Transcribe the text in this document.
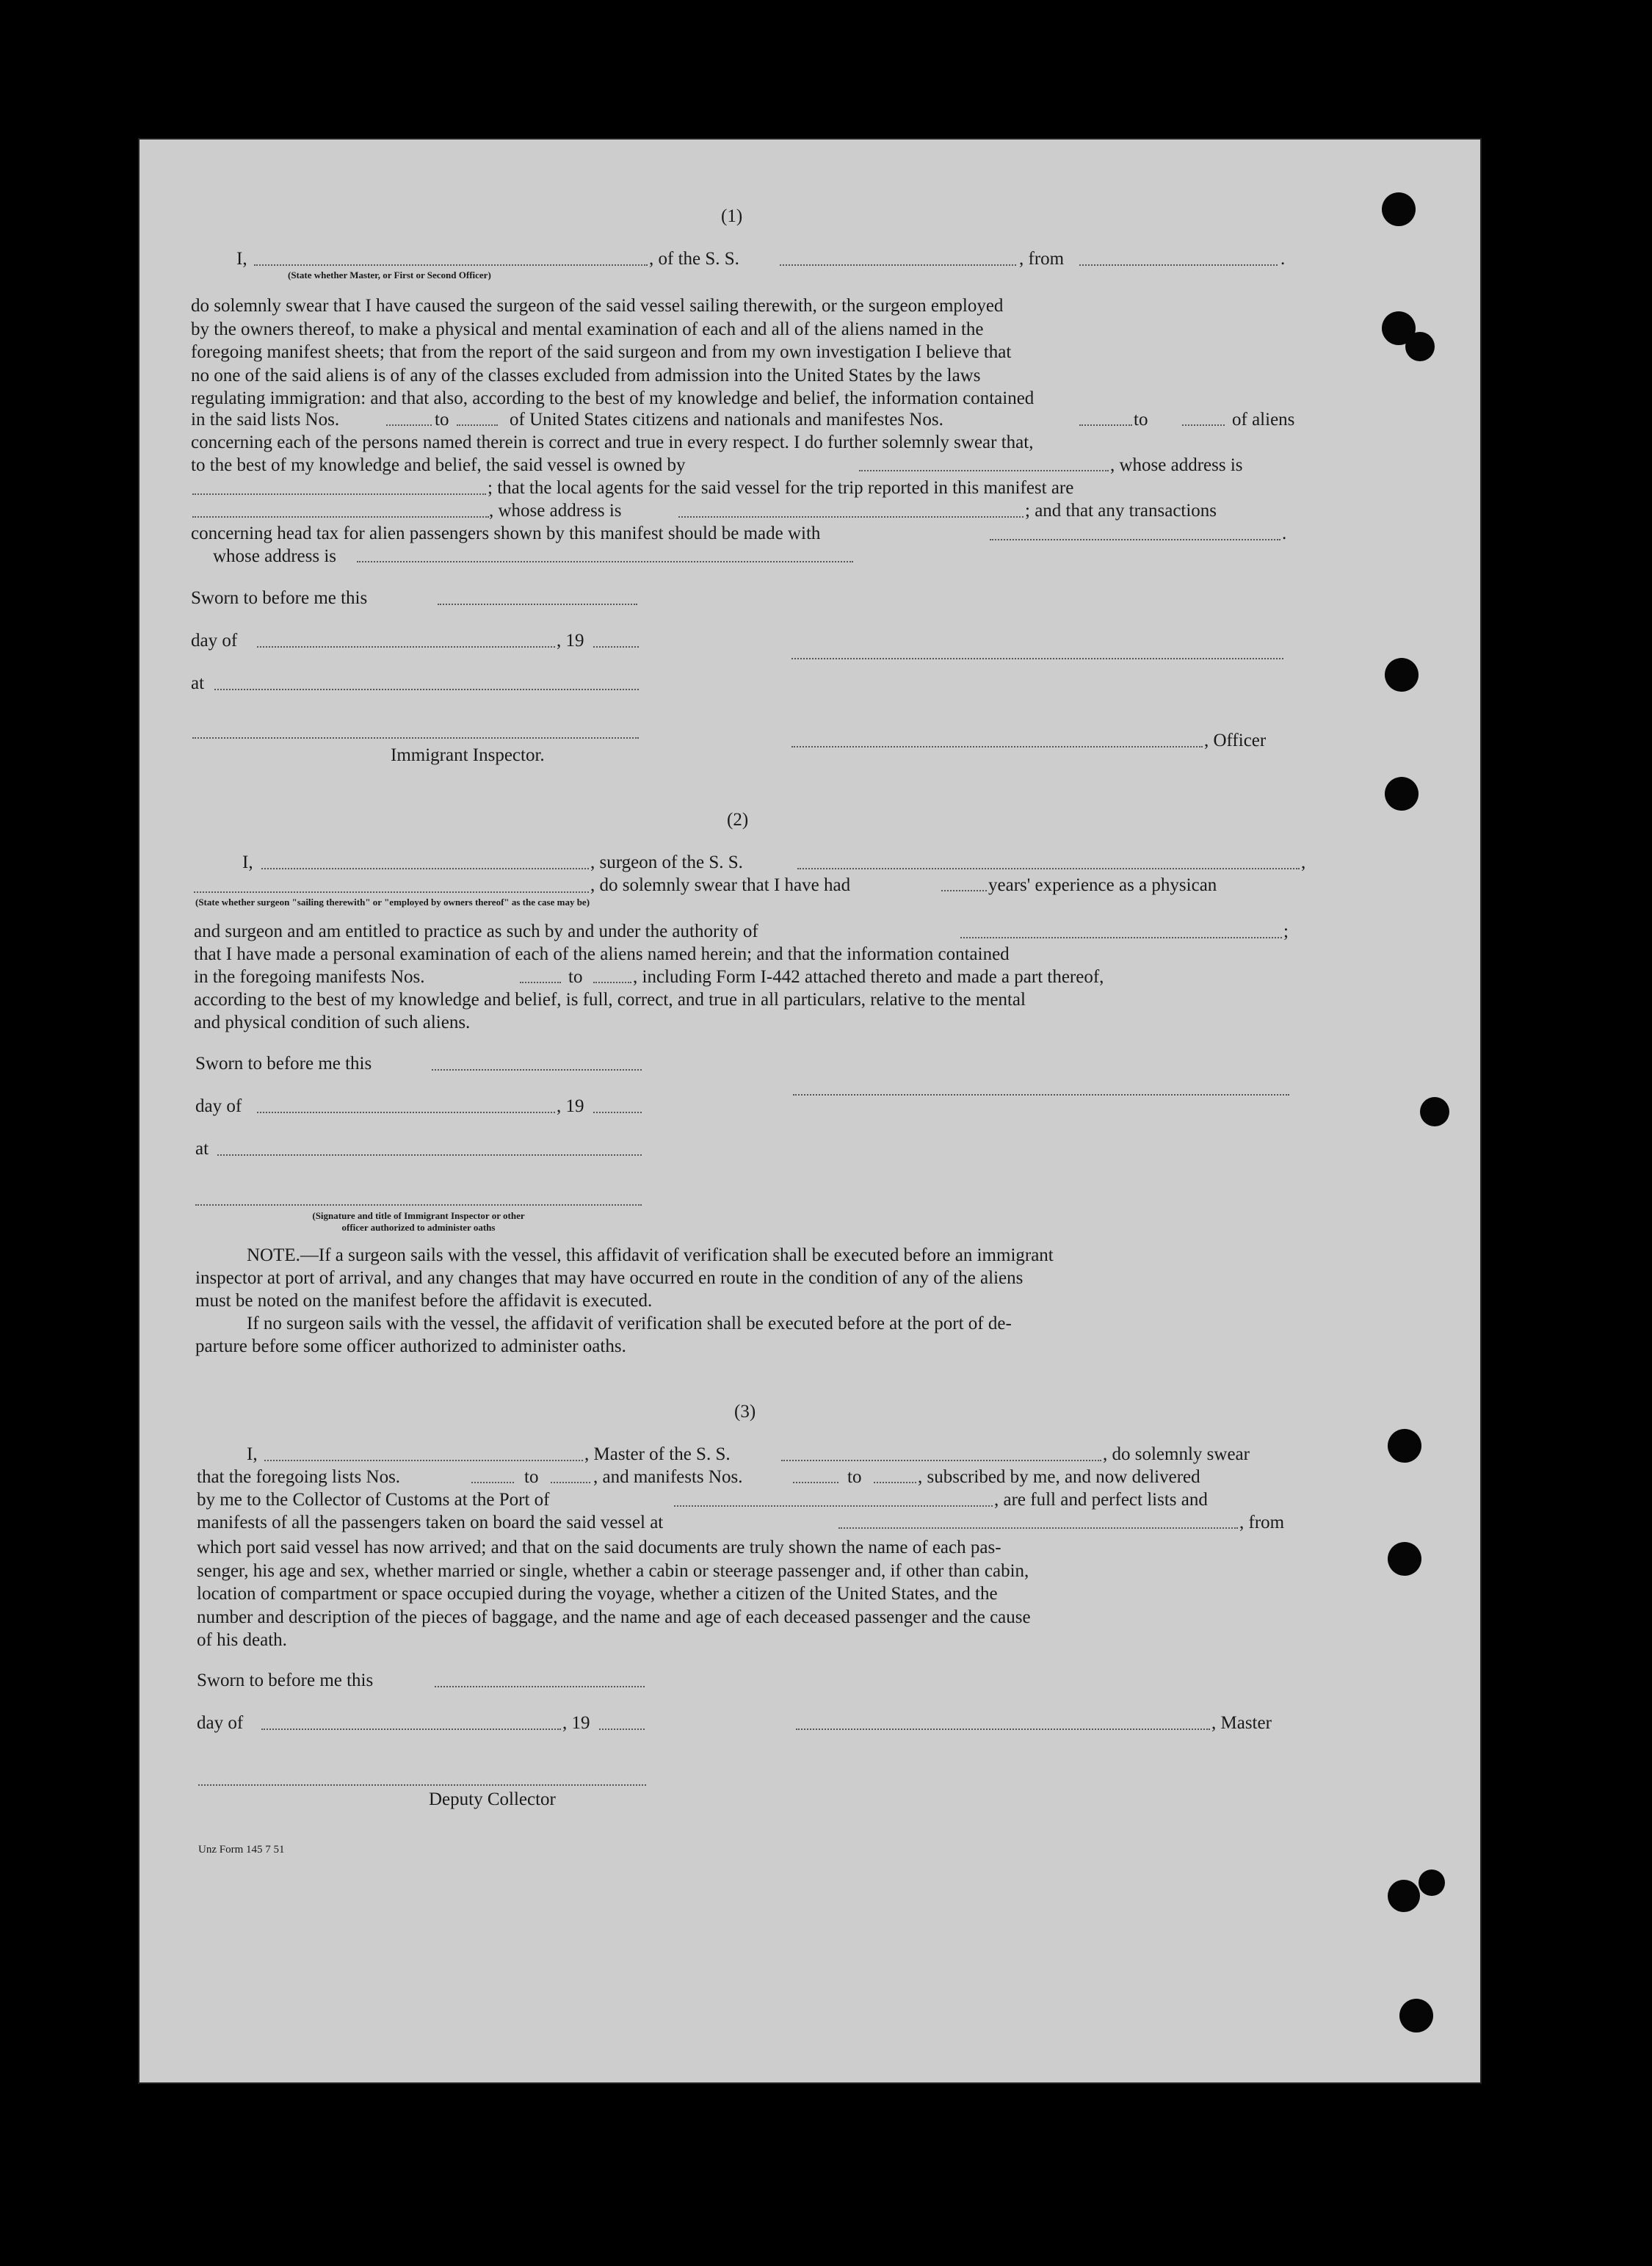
(1)
I,	, of the S. S.	, from	.
(State whether Master, or First or Second Officer)

do solemnly swear that I have caused the surgeon of the said vessel sailing therewith, or the surgeon employed

by the owners thereof, to make a physical and mental examination of each and all of the aliens named in the

foregoing manifest sheets; that from the report of the said surgeon and from my own investigation I believe that

no one of the said aliens is of any of the classes excluded from admission into the United States by the laws

regulating immigration: and that also, according to the best of my knowledge and belief, the information contained

in the said lists Nos.	to	of United States citizens and nationals and manifestes Nos.	to	of aliens
concerning each of the persons named therein is correct and true in every respect. I do further solemnly swear that,
to the best of my knowledge and belief, the said vessel is owned by	, whose address is
; that the local agents for the said vessel for the trip reported in this manifest are
, whose address is	; and that any transactions
concerning head tax for alien passengers shown by this manifest should be made with	.
whose address is
Sworn to before me this
day of	, 19
at
, Officer
Immigrant Inspector.
(2)
I,	, surgeon of the S. S.	,
, do solemnly swear that I have had	years' experience as a physican
(State whether surgeon "sailing therewith" or "employed by owners thereof" as the case may be)
and surgeon and am entitled to practice as such by and under the authority of	;
that I have made a personal examination of each of the aliens named herein; and that the information contained
in the foregoing manifests Nos.	to	, including Form I-442 attached thereto and made a part thereof,
according to the best of my knowledge and belief, is full, correct, and true in all particulars, relative to the mental
and physical condition of such aliens.
Sworn to before me this
day of	, 19
at
(Signature and title of Immigrant Inspector or other
officer authorized to administer oaths
NOTE.—If a surgeon sails with the vessel, this affidavit of verification shall be executed before an immigrant
inspector at port of arrival, and any changes that may have occurred en route in the condition of any of the aliens
must be noted on the manifest before the affidavit is executed.
If no surgeon sails with the vessel, the affidavit of verification shall be executed before at the port of de-
parture before some officer authorized to administer oaths.
(3)
I,	, Master of the S. S.	, do solemnly swear
that the foregoing lists Nos.	to	, and manifests Nos.	to	, subscribed by me, and now delivered
by me to the Collector of Customs at the Port of	, are full and perfect lists and
manifests of all the passengers taken on board the said vessel at	, from

which port said vessel has now arrived; and that on the said documents are truly shown the name of each pas-

senger, his age and sex, whether married or single, whether a cabin or steerage passenger and, if other than cabin,

location of compartment or space occupied during the voyage, whether a citizen of the United States, and the

number and description of the pieces of baggage, and the name and age of each deceased passenger and the cause

of his death.

Sworn to before me this
day of	, 19	, Master
Deputy Collector
Unz Form 145 7 51
